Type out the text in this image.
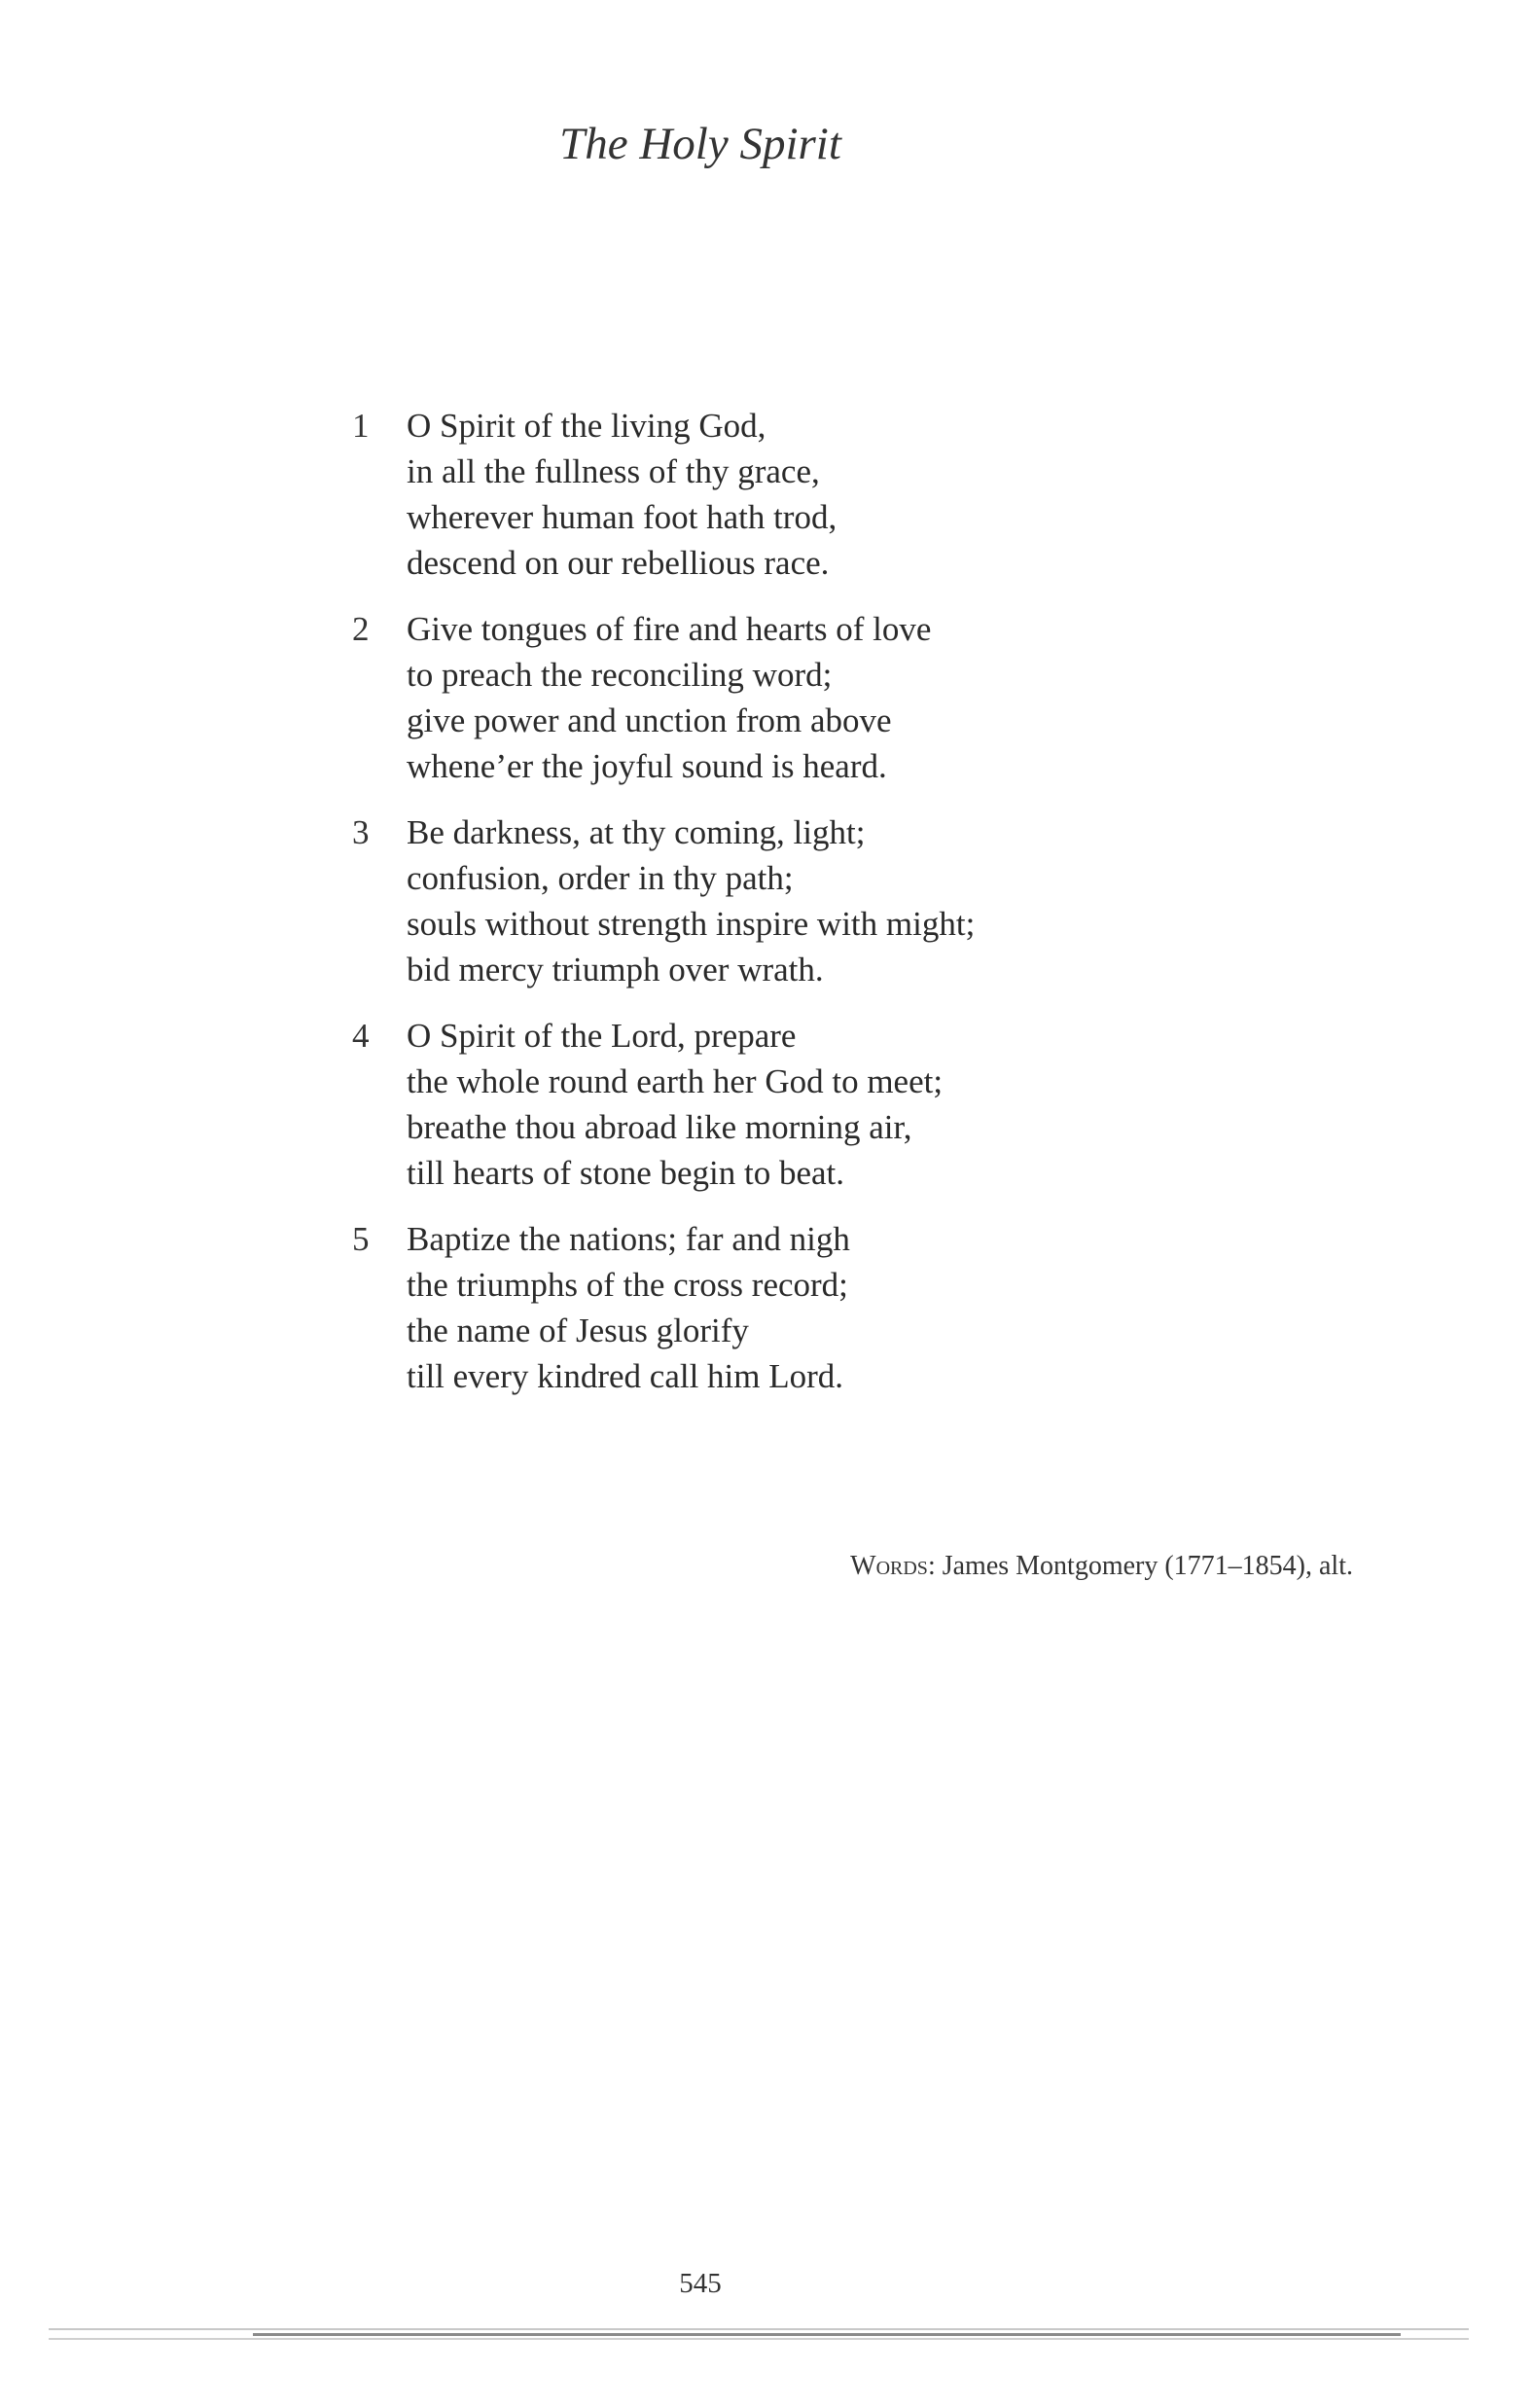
The Holy Spirit
1	O Spirit of the living God,
in all the fullness of thy grace,
wherever human foot hath trod,
descend on our rebellious race.
2	Give tongues of fire and hearts of love
to preach the reconciling word;
give power and unction from above
whene’er the joyful sound is heard.
3	Be darkness, at thy coming, light;
confusion, order in thy path;
souls without strength inspire with might;
bid mercy triumph over wrath.
4	O Spirit of the Lord, prepare
the whole round earth her God to meet;
breathe thou abroad like morning air,
till hearts of stone begin to beat.
5	Baptize the nations; far and nigh
the triumphs of the cross record;
the name of Jesus glorify
till every kindred call him Lord.
Words: James Montgomery (1771–1854), alt.
545
